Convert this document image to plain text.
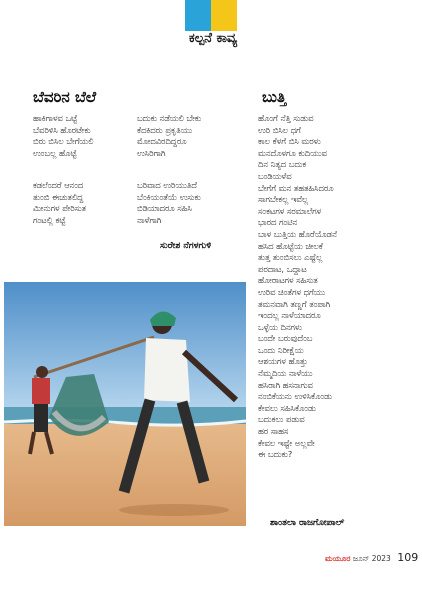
ಕಲ್ಪನೆ ಕಾವ್ಯ
ಬೆವರಿನ ಬೆಲೆ
ಹಾಕಿಗಾಳವ ಒಟ್ಟೆ
ಬೆವರಿಳಿಸಿ ಹೊರಟೇಕು
ಬಿರು ಬಿಸಿಲ ಬೇಗೆಯಲಿ
ಉಂಬಲ್ಲ ಹೊಟ್ಟೆ
ಬದುಕು ನಡೆಯಲಿ ಬೇಕು
ಕೆದಕಿದರು ಪ್ರಕೃತಿಯು
ಮೋದವಿರದಿದ್ದರೂ
ಉಸಿರಿಗಾಗಿ
ಕಡಲೆಂದರೆ ಆನಂದ
ತುಂಬಿ ಈಚುತಲಿದ್ದ
ಮೀನುಗಳ ಪೇರಿಸುತ
ಗಂಟಲ್ಲಿ ಕಟ್ಟೆ
ಬರಿವಾದ ಉರಿಯುತಿದೆ
ಬೆಂಕಿಯಂತೆಯೆ ಉಸುಕು
ಬಿಡಿಯಾದರೂ ಸಹಿಸಿ
ನಾಳೆಗಾಗಿ
ಸುರೇಶ ನೆಗಳಗುಳಿ
ಬುತ್ತಿ
ಹೊಂಗೆ ನೆತ್ತಿ ಸುಡುವ
ಉರಿ ಬಿಸಿಲ ಧಗೆ
ಕಾಲ ಕೆಳಗೆ ಬಿಸಿ ಮರಳು
ಮನದೊಳಗೂ ಕುದಿಯುವ
ದಿನ ನಿತ್ಯದ ಬದುಕ
ಬಂಡಿಯಳೆವ
ಬೇಗೆಗೆ ಮನ ತಹತಹಿಸಿದರೂ
ಸಾಗಬೇಕಲ್ಲ ಇವೆಲ್ಲ
ಸಂಕಟಗಳ ಸರಮಾಲೆಗಳ
ಭಾರದ ಗಂಟಿನ
ಬಾಳ ಬುತ್ತಿಯ ಹೊರೆಯೊಡನೆ
ಹಸಿದ ಹೊಟ್ಟೆಯ ಚೀಲಕೆ
ತುತ್ತ ತುಂಬಿಸಲು ಎಷ್ಟೆಲ್ಲ
ಪರದಾಟ, ಒದ್ದಾಟ
ಹೋರಾಟಗಳ ಸಹಿಸುತ
ಉರಿವ ಚಿಂತೆಗಳ ಧಗೆಯು
ತಮನವಾಗಿ ತಣ್ಣಗೆ ತಂಪಾಗಿ
ಇಂದಲ್ಲ ನಾಳೆಯಾದರೂ
ಒಳ್ಳೆಯ ದಿನಗಳು
ಬಂದೇ ಬರುವುದೆಂಬ
ಒಂದು ನಿರೀಕ್ಷೆಯ
ಆಶಯಗಳ ಹೊತ್ತು
ನೆಮ್ಮದಿಯ ನಾಳೆಯು
ಹಸಿರಾಗಿ ಹಸನಾಗುವ
ನಂಬಿಕೆಯನು ಉಳಿಸಿಕೊಂಡು
ಕೇವಲು ಸಹಿಸಿಕೊಂಡು
ಬದುಕಲು ಪಡುವ
ಹರ ಸಾಹಸ
ಕೇವಲ ಇಷ್ಟೇ ಅಲ್ಲವೇ
ಈ ಬದುಕು?
ಶಾಂತಲಾ ರಾಜಗೋಪಾಲ್
ಮಯೂರ ಜೂನ್ 2023 109
